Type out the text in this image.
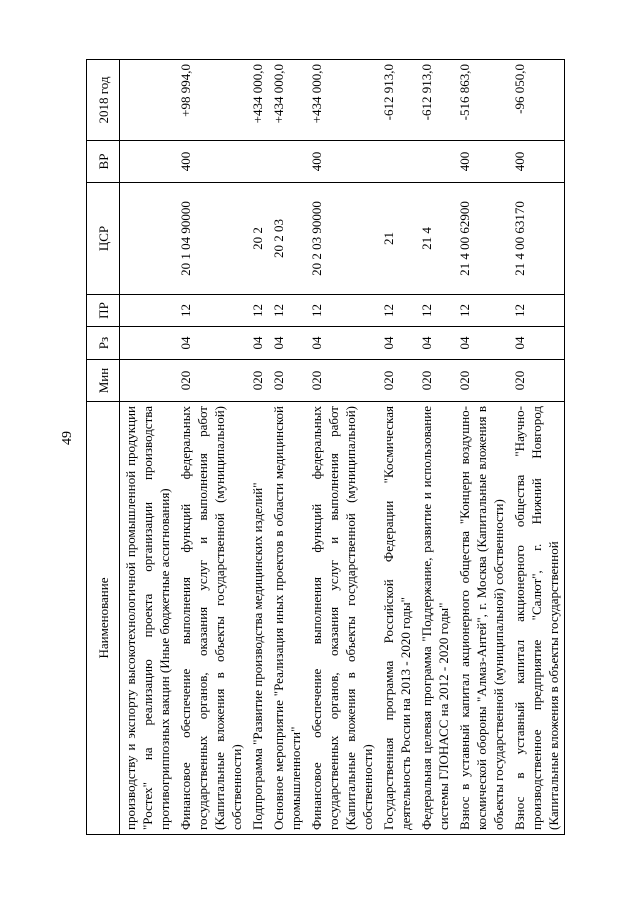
49
Наименование	Мин	Рз	ПР	ЦСР	ВР	2018 год
производству и экспорту высокотехнологичной промышленной продукции "Ростех" на реализацию проекта организации производства противогриппозных вакцин (Иные бюджетные ассигнования)						
Финансовое обеспечение выполнения функций федеральных государственных органов, оказания услуг и выполнения работ (Капитальные вложения в объекты государственной (муниципальной) собственности)	020	04	12	20 1 04 90000	400	+98 994,0
Подпрограмма "Развитие производства медицинских изделий"	020	04	12	20 2		+434 000,0
Основное мероприятие "Реализация иных проектов в области медицинской промышленности"	020	04	12	20 2 03		+434 000,0
Финансовое обеспечение выполнения функций федеральных государственных органов, оказания услуг и выполнения работ (Капитальные вложения в объекты государственной (муниципальной) собственности)	020	04	12	20 2 03 90000	400	+434 000,0
Государственная программа Российской Федерации "Космическая деятельность России на 2013 - 2020 годы"	020	04	12	21		-612 913,0
Федеральная целевая программа "Поддержание, развитие и использование системы ГЛОНАСС на 2012 - 2020 годы"	020	04	12	21 4		-612 913,0
Взнос в уставный капитал акционерного общества "Концерн воздушно-космической обороны "Алмаз-Антей", г. Москва (Капитальные вложения в объекты государственной (муниципальной) собственности)	020	04	12	21 4 00 62900	400	-516 863,0
Взнос в уставный капитал акционерного общества "Научно-производственное предприятие "Салют", г. Нижний Новгород (Капитальные вложения в объекты государственной	020	04	12	21 4 00 63170	400	-96 050,0
